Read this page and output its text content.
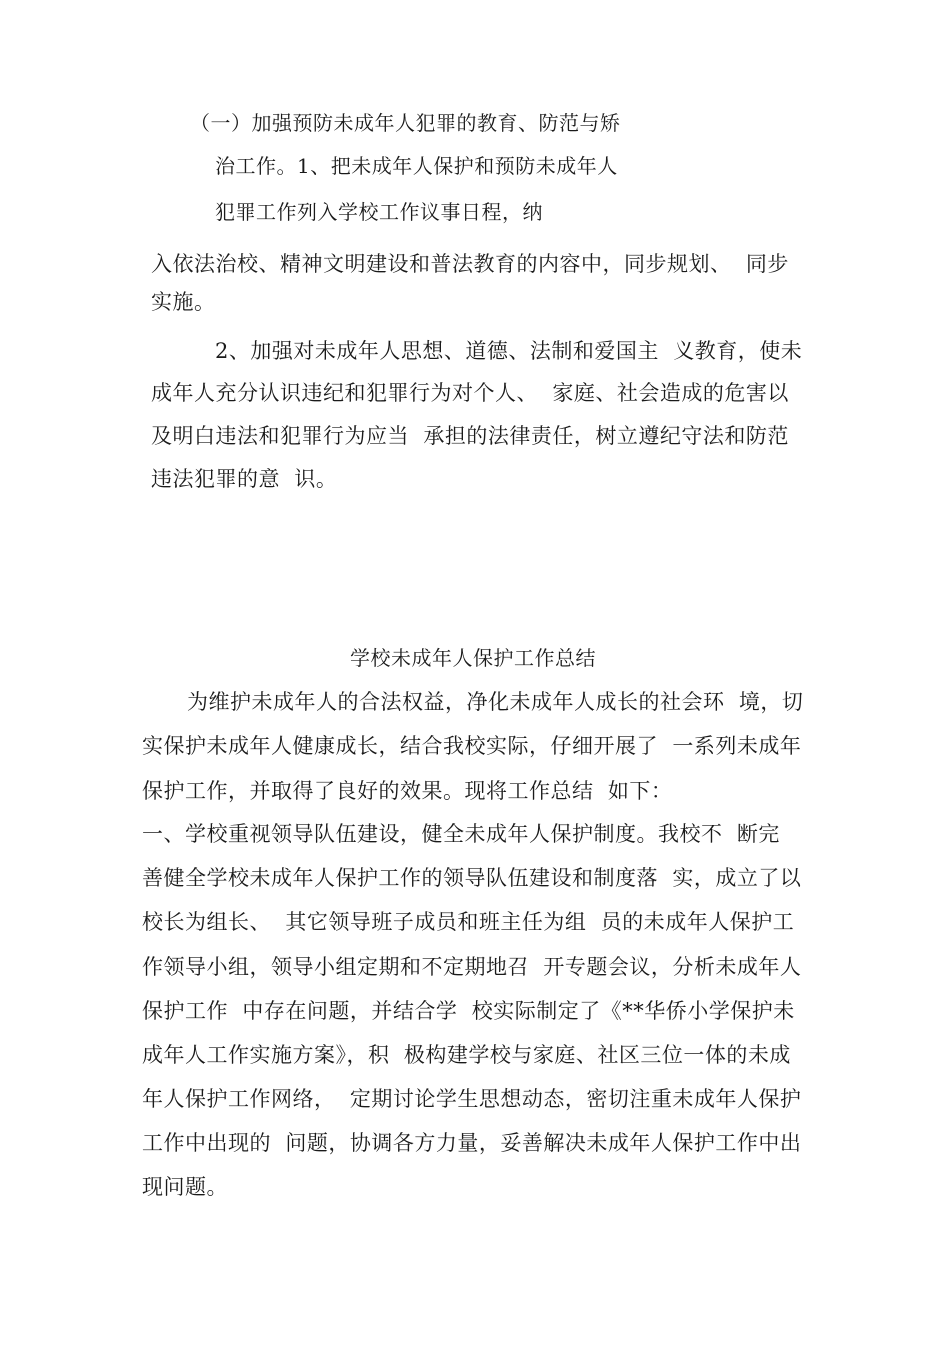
（一）加强预防未成年人犯罪的教育、防范与矫
治工作。1、把未成年人保护和预防未成年人
犯罪工作列入学校工作议事日程，纳
入依法治校、精神文明建设和普法教育的内容中，同步规划、  同步
实施。
2、加强对未成年人思想、道德、法制和爱国主  义教育，使未
成年人充分认识违纪和犯罪行为对个人、  家庭、社会造成的危害以
及明白违法和犯罪行为应当  承担的法律责任，树立遵纪守法和防范
违法犯罪的意  识。
学校未成年人保护工作总结
为维护未成年人的合法权益，净化未成年人成长的社会环  境，切
实保护未成年人健康成长，结合我校实际，仔细开展了  一系列未成年
保护工作，并取得了良好的效果。现将工作总结  如下：
一、学校重视领导队伍建设，健全未成年人保护制度。我校不  断完
善健全学校未成年人保护工作的领导队伍建设和制度落  实，成立了以
校长为组长、  其它领导班子成员和班主任为组  员的未成年人保护工
作领导小组，领导小组定期和不定期地召  开专题会议，分析未成年人
保护工作  中存在问题，并结合学  校实际制定了《**华侨小学保护未
成年人工作实施方案》，积  极构建学校与家庭、社区三位一体的未成
年人保护工作网络，  定期讨论学生思想动态，密切注重未成年人保护
工作中出现的  问题，协调各方力量，妥善解决未成年人保护工作中出
现问题。
